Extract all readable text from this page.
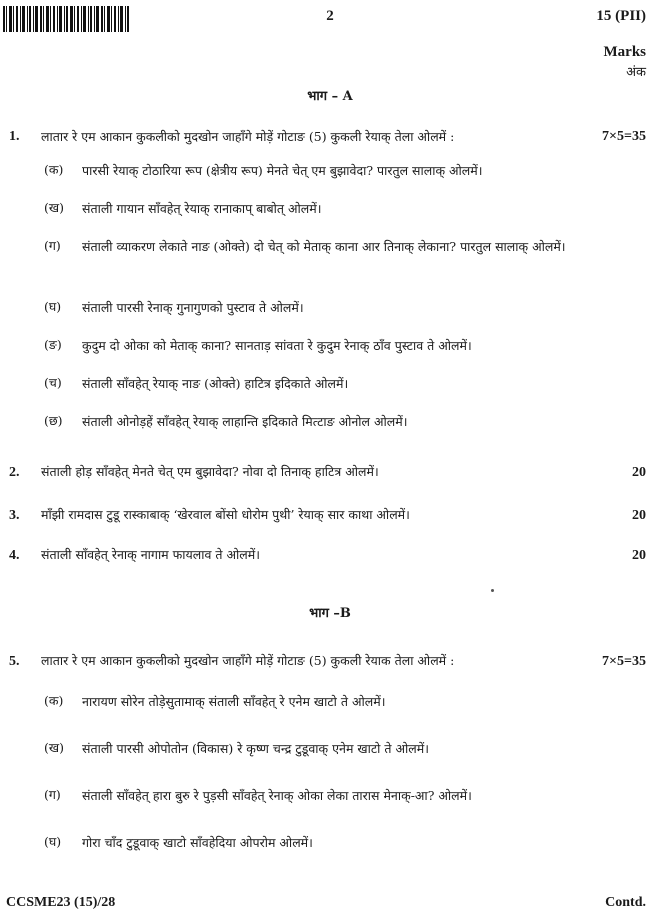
2	15 (PII)
Marks
अंक
भाग – A
1. लातार रे एम आकान कुकलीको मुदखोन जाहाँगे मोड़ें गोटाङ (5) कुकली रेयाक् तेला ओलमें :	7×5=35
(क)	पारसी रेयाक् टोठारिया रूप (क्षेत्रीय रूप) मेनते चेत् एम बुझावेदा? पारतुल सालाक् ओलमें।
(ख)	संताली गायान साँवहेत् रेयाक् रानाकाप् बाबोत् ओलमें।
(ग)	संताली व्याकरण लेकाते नाङ (ओक्ते) दो चेत् को मेताक् काना आर तिनाक् लेकाना? पारतुल सालाक् ओलमें।
(घ)	संताली पारसी रेनाक् गुनागुणको पुस्टाव ते ओलमें।
(ङ)	कुदुम दो ओका को मेताक् काना? सानताड़ सांवता रे कुदुम रेनाक् ठाँव पुस्टाव ते ओलमें।
(च)	संताली साँवहेत् रेयाक् नाङ (ओक्ते) हाटित्र इदिकाते ओलमें।
(छ)	संताली ओनोड़हें साँवहेत् रेयाक् लाहान्ति इदिकाते मित्टाङ ओनोल ओलमें।
2. संताली होड़ साँवहेत् मेनते चेत् एम बुझावेदा? नोवा दो तिनाक् हाटित्र ओलमें।	20
3. माँझी रामदास टुडू रास्काबाक् ‘खेरवाल बोंसो धोरोम पुथी’ रेयाक् सार काथा ओलमें।	20
4. संताली साँवहेत् रेनाक् नागाम फायलाव ते ओलमें।	20
भाग –B
5. लातार रे एम आकान कुकलीको मुदखोन जाहाँगे मोड़ें गोटाङ (5) कुकली रेयाक तेला ओलमें :	7×5=35
(क)	नारायण सोरेन तोड़ेसुतामाक् संताली साँवहेत् रे एनेम खाटो ते ओलमें।
(ख)	संताली पारसी ओपोतोन (विकास) रे कृष्ण चन्द्र टुडूवाक् एनेम खाटो ते ओलमें।
(ग)	संताली साँवहेत् हारा बुरु रे पुड़सी साँवहेत् रेनाक् ओका लेका तारास मेनाक्-आ? ओलमें।
(घ)	गोरा चाँद टुडूवाक् खाटो साँवहेदिया ओपरोम ओलमें।
CCSME23 (15)/28	Contd.
